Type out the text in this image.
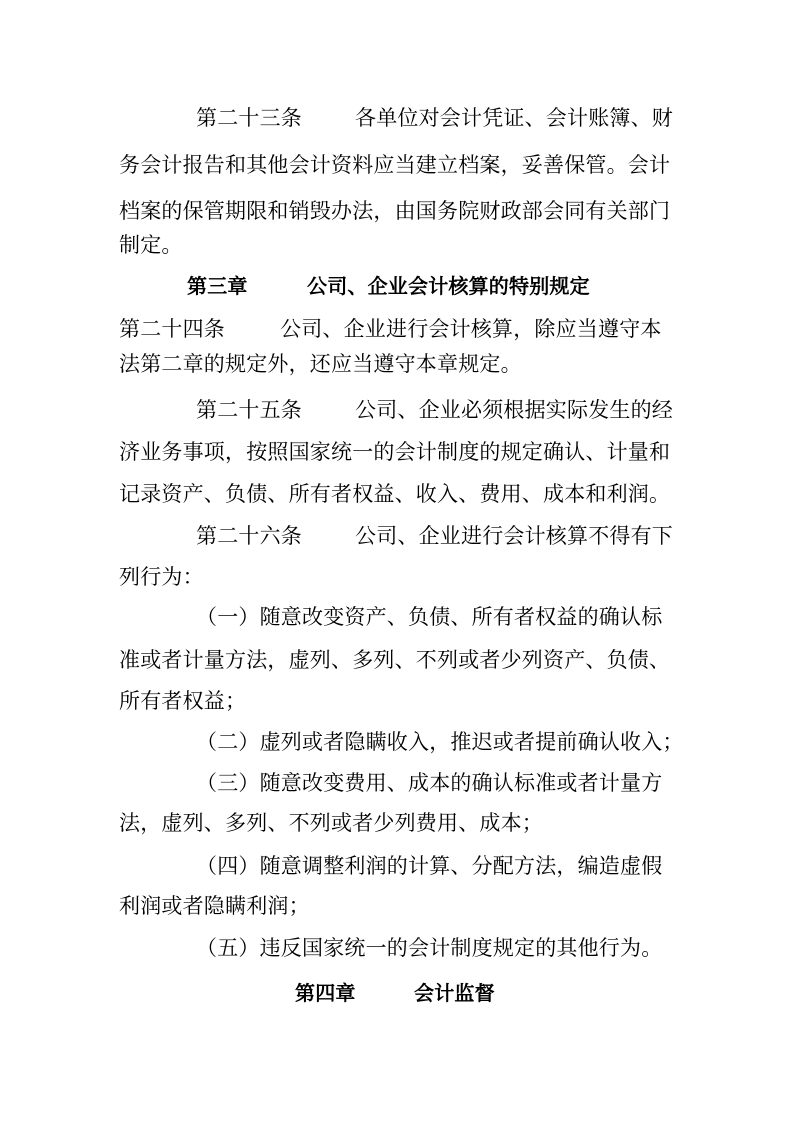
第二十三条	各单位对会计凭证、会计账簿、财
务会计报告和其他会计资料应当建立档案，妥善保管。会计
档案的保管期限和销毁办法，由国务院财政部会同有关部门
制定。
第三章	公司、企业会计核算的特别规定
第二十四条	公司、企业进行会计核算，除应当遵守本
法第二章的规定外，还应当遵守本章规定。
第二十五条	公司、企业必须根据实际发生的经
济业务事项，按照国家统一的会计制度的规定确认、计量和
记录资产、负债、所有者权益、收入、费用、成本和利润。
第二十六条	公司、企业进行会计核算不得有下
列行为：
（一）随意改变资产、负债、所有者权益的确认标
准或者计量方法，虚列、多列、不列或者少列资产、负债、
所有者权益；
（二）虚列或者隐瞒收入，推迟或者提前确认收入；
（三）随意改变费用、成本的确认标准或者计量方
法，虚列、多列、不列或者少列费用、成本；
（四）随意调整利润的计算、分配方法，编造虚假
利润或者隐瞒利润；
（五）违反国家统一的会计制度规定的其他行为。
第四章	会计监督
